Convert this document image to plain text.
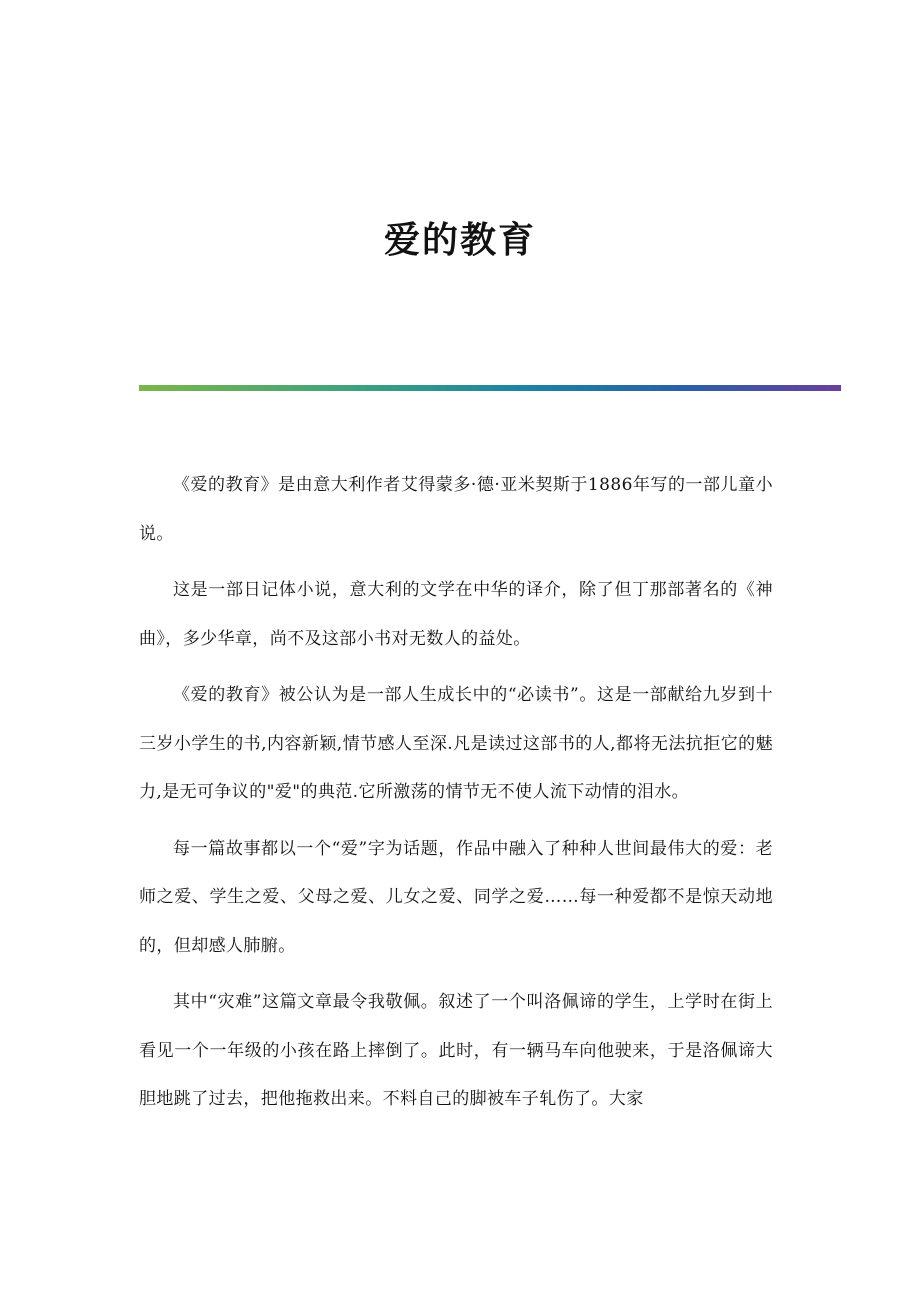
爱的教育

《爱的教育》是由意大利作者艾得蒙多·德·亚米契斯于1886年写的一部儿童小说。

这是一部日记体小说，意大利的文学在中华的译介，除了但丁那部著名的《神曲》，多少华章，尚不及这部小书对无数人的益处。

《爱的教育》被公认为是一部人生成长中的“必读书”。这是一部献给九岁到十三岁小学生的书,内容新颖,情节感人至深.凡是读过这部书的人,都将无法抗拒它的魅力,是无可争议的"爱"的典范.它所激荡的情节无不使人流下动情的泪水。

每一篇故事都以一个“爱”字为话题，作品中融入了种种人世间最伟大的爱：老师之爱、学生之爱、父母之爱、儿女之爱、同学之爱……每一种爱都不是惊天动地的，但却感人肺腑。

其中“灾难”这篇文章最令我敬佩。叙述了一个叫洛佩谛的学生，上学时在街上看见一个一年级的小孩在路上摔倒了。此时，有一辆马车向他驶来，于是洛佩谛大胆地跳了过去，把他拖救出来。不料自己的脚被车子轧伤了。大家
